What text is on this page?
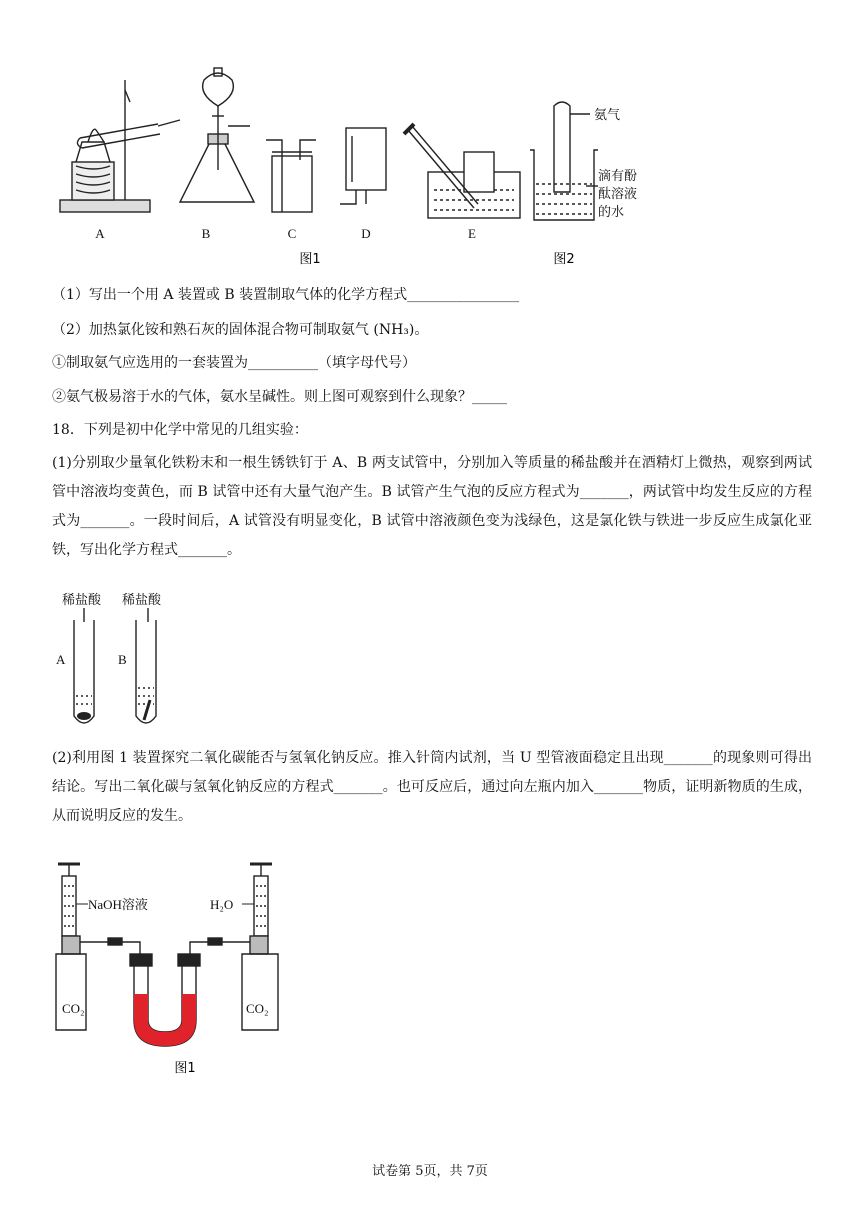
A	B	C	D	E
图1
氨气
滴有酚
酞溶液
的水
图2
（1）写出一个用 A 装置或 B 装置制取气体的化学方程式________________
（2）加热氯化铵和熟石灰的固体混合物可制取氨气 (NH₃)。
①制取氨气应选用的一套装置为__________（填字母代号）
②氨气极易溶于水的气体，氨水呈碱性。则上图可观察到什么现象？_____
18．下列是初中化学中常见的几组实验：
(1)分别取少量氧化铁粉末和一根生锈铁钉于 A、B 两支试管中，分别加入等质量的稀盐酸并在酒精灯上微热，观察到两试管中溶液均变黄色，而 B 试管中还有大量气泡产生。B 试管产生气泡的反应方程式为_______，两试管中均发生反应的方程式为_______。一段时间后，A 试管没有明显变化，B 试管中溶液颜色变为浅绿色，这是氯化铁与铁进一步反应生成氯化亚铁，写出化学方程式_______。
稀盐酸 稀盐酸
A	B
(2)利用图 1 装置探究二氧化碳能否与氢氧化钠反应。推入针筒内试剂，当 U 型管液面稳定且出现_______的现象则可得出结论。写出二氧化碳与氢氧化钠反应的方程式_______。也可反应后，通过向左瓶内加入_______物质，证明新物质的生成，从而说明反应的发生。
NaOH溶液	H₂O
CO₂	CO₂
图1
试卷第 5页，共 7页
